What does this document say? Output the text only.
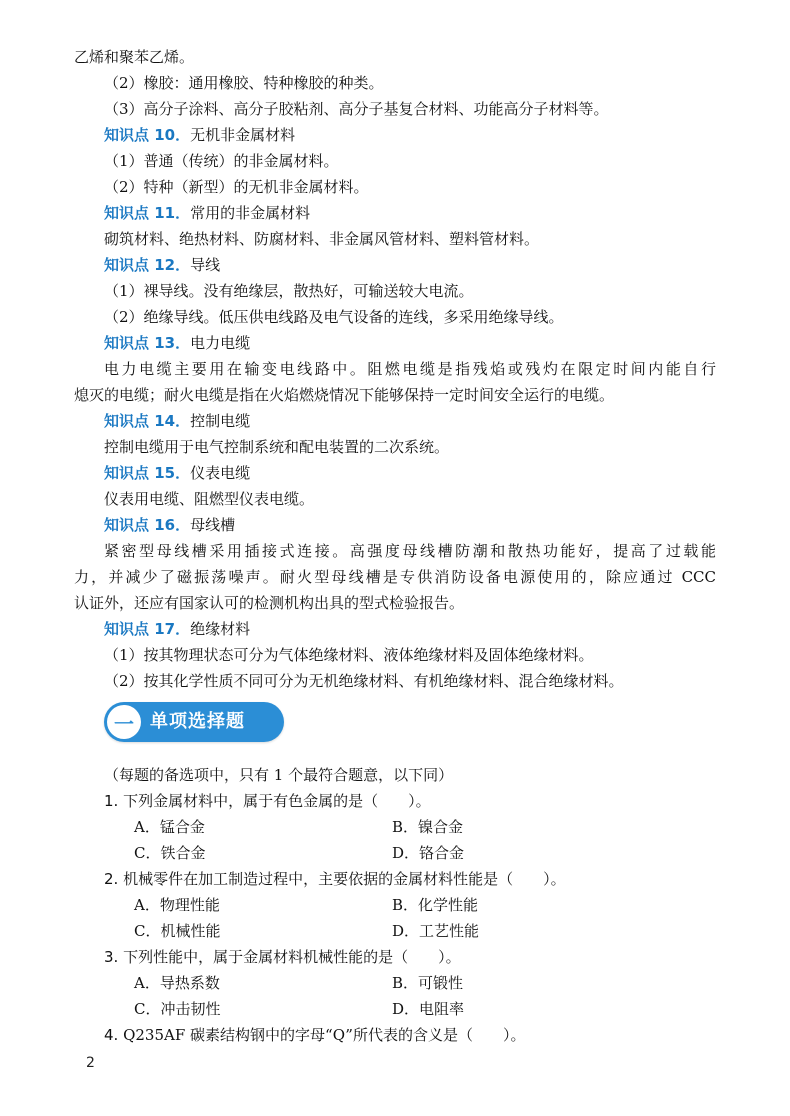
乙烯和聚苯乙烯。
（2）橡胶：通用橡胶、特种橡胶的种类。
（3）高分子涂料、高分子胶粘剂、高分子基复合材料、功能高分子材料等。
知识点 10．无机非金属材料
（1）普通（传统）的非金属材料。
（2）特种（新型）的无机非金属材料。
知识点 11．常用的非金属材料
砌筑材料、绝热材料、防腐材料、非金属风管材料、塑料管材料。
知识点 12．导线
（1）裸导线。没有绝缘层，散热好，可输送较大电流。
（2）绝缘导线。低压供电线路及电气设备的连线，多采用绝缘导线。
知识点 13．电力电缆
电力电缆主要用在输变电线路中。阻燃电缆是指残焰或残灼在限定时间内能自行
熄灭的电缆；耐火电缆是指在火焰燃烧情况下能够保持一定时间安全运行的电缆。
知识点 14．控制电缆
控制电缆用于电气控制系统和配电装置的二次系统。
知识点 15．仪表电缆
仪表用电缆、阻燃型仪表电缆。
知识点 16．母线槽
紧密型母线槽采用插接式连接。高强度母线槽防潮和散热功能好，提高了过载能
力，并减少了磁振荡噪声。耐火型母线槽是专供消防设备电源使用的，除应通过 CCC
认证外，还应有国家认可的检测机构出具的型式检验报告。
知识点 17．绝缘材料
（1）按其物理状态可分为气体绝缘材料、液体绝缘材料及固体绝缘材料。
（2）按其化学性质不同可分为无机绝缘材料、有机绝缘材料、混合绝缘材料。
一 单项选择题
（每题的备选项中，只有 1 个最符合题意，以下同）
1. 下列金属材料中，属于有色金属的是（　　）。
A．锰合金	B．镍合金
C．铁合金	D．铬合金
2. 机械零件在加工制造过程中，主要依据的金属材料性能是（　　）。
A．物理性能	B．化学性能
C．机械性能	D．工艺性能
3. 下列性能中，属于金属材料机械性能的是（　　）。
A．导热系数	B．可锻性
C．冲击韧性	D．电阻率
4. Q235AF 碳素结构钢中的字母“Q”所代表的含义是（　　）。
2
